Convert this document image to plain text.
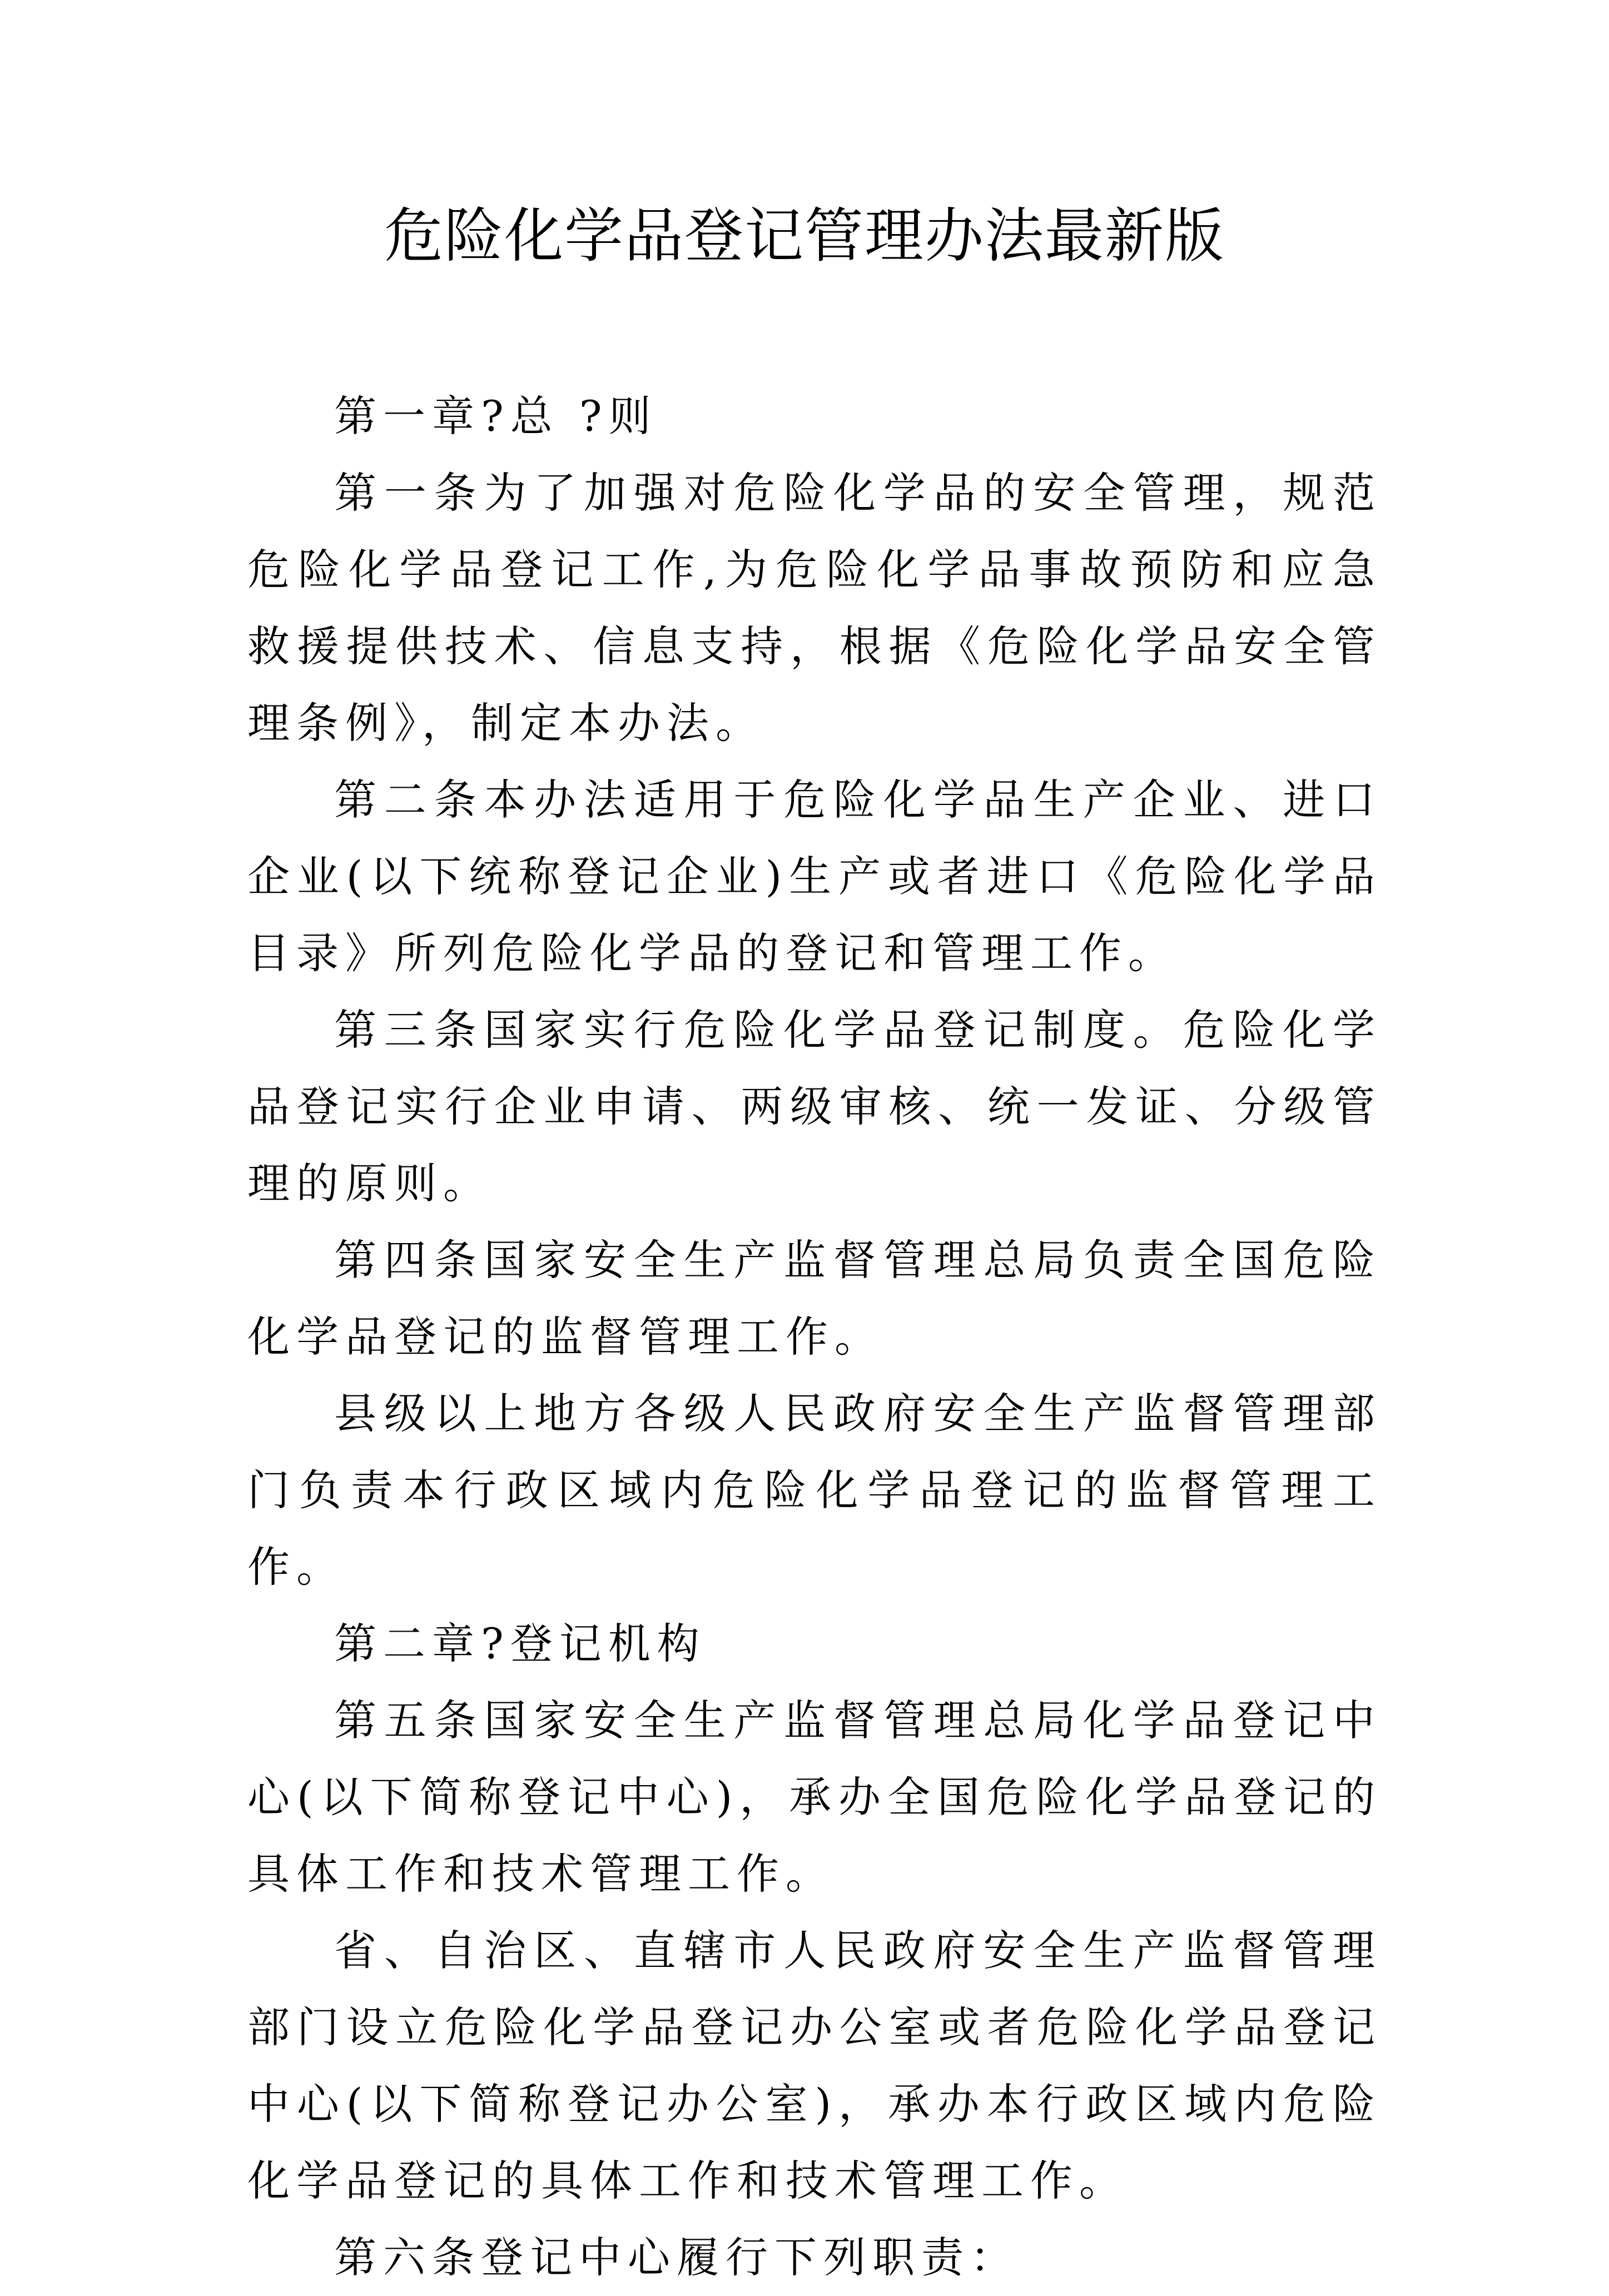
危险化学品登记管理办法最新版

第一章?总 ?则

第一条为了加强对危险化学品的安全管理，规范危险化学品登记工作,为危险化学品事故预防和应急救援提供技术、信息支持，根据《危险化学品安全管理条例》，制定本办法。

第二条本办法适用于危险化学品生产企业、进口企业(以下统称登记企业)生产或者进口《危险化学品目录》所列危险化学品的登记和管理工作。

第三条国家实行危险化学品登记制度。危险化学品登记实行企业申请、两级审核、统一发证、分级管理的原则。

第四条国家安全生产监督管理总局负责全国危险化学品登记的监督管理工作。

县级以上地方各级人民政府安全生产监督管理部门负责本行政区域内危险化学品登记的监督管理工作。

第二章?登记机构

第五条国家安全生产监督管理总局化学品登记中心(以下简称登记中心)，承办全国危险化学品登记的具体工作和技术管理工作。

省、自治区、直辖市人民政府安全生产监督管理部门设立危险化学品登记办公室或者危险化学品登记中心(以下简称登记办公室)，承办本行政区域内危险化学品登记的具体工作和技术管理工作。

第六条登记中心履行下列职责：
